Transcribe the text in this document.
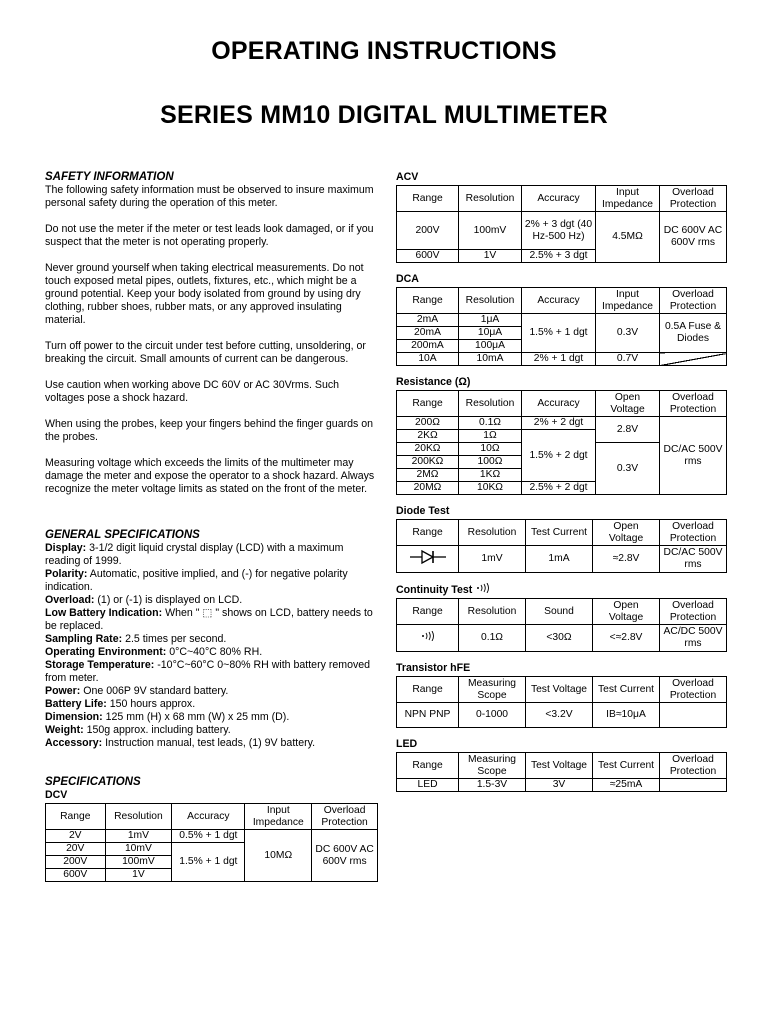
OPERATING INSTRUCTIONS
SERIES MM10 DIGITAL MULTIMETER

SAFETY INFORMATION

The following safety information must be observed to insure maximum personal safety during the operation of this meter.

Do not use the meter if the meter or test leads look damaged, or if you suspect that the meter is not operating properly.

Never ground yourself when taking electrical measurements. Do not touch exposed metal pipes, outlets, fixtures, etc., which might be a ground potential. Keep your body isolated from ground by using dry clothing, rubber shoes, rubber mats, or any approved insulating material.

Turn off power to the circuit under test before cutting, unsoldering, or breaking the circuit. Small amounts of current can be dangerous.

Use caution when working above DC 60V or AC 30Vrms. Such voltages pose a shock hazard.

When using the probes, keep your fingers behind the finger guards on the probes.

Measuring voltage which exceeds the limits of the multimeter may damage the meter and expose the operator to a shock hazard. Always recognize the meter voltage limits as stated on the front of the meter.

GENERAL SPECIFICATIONS

Display: 3-1/2 digit liquid crystal display (LCD) with a maximum reading of 1999.

Polarity: Automatic, positive implied, and (-) for negative polarity indication.

Overload: (1) or (-1) is displayed on LCD.

Low Battery Indication: When " ⬚ " shows on LCD, battery needs to be replaced.

Sampling Rate: 2.5 times per second.

Operating Environment: 0°C~40°C 80% RH.

Storage Temperature: -10°C~60°C 0~80% RH with battery removed from meter.

Power: One 006P 9V standard battery.

Battery Life: 150 hours approx.

Dimension: 125 mm (H) x 68 mm (W) x 25 mm (D).

Weight: 150g approx. including battery.

Accessory: Instruction manual, test leads, (1) 9V battery.

SPECIFICATIONS

DCV

Range	Resolution	Accuracy	Input Impedance	Overload Protection
2V	1mV	0.5% + 1 dgt	10MΩ	DC 600V AC 600V rms
20V	10mV	1.5% + 1 dgt		
200V	100mV			
600V	1V			

ACV

Range	Resolution	Accuracy	Input Impedance	Overload Protection
200V	100mV	2% + 3 dgt (40 Hz-500 Hz)	4.5MΩ	DC 600V AC 600V rms
600V	1V	2.5% + 3 dgt		

DCA

Range	Resolution	Accuracy	Input Impedance	Overload Protection
2mA	1μA	1.5% + 1 dgt	0.3V	0.5A Fuse & Diodes
20mA	10μA			
200mA	100μA			
10A	10mA	2% + 1 dgt	0.7V	

Resistance (Ω)

Range	Resolution	Accuracy	Open Voltage	Overload Protection
200Ω	0.1Ω	2% + 2 dgt	2.8V	DC/AC 500V rms
2KΩ	1Ω	1.5% + 2 dgt		
20KΩ	10Ω		0.3V	
200KΩ	100Ω			
2MΩ	1KΩ			
20MΩ	10KΩ	2.5% + 2 dgt		

Diode Test

Range	Resolution	Test Current	Open Voltage	Overload Protection
	1mV	1mA	≈2.8V	DC/AC 500V rms

Continuity Test

Range	Resolution	Sound	Open Voltage	Overload Protection
	0.1Ω	<30Ω	<≈2.8V	AC/DC 500V rms

Transistor hFE

Range	Measuring Scope	Test Voltage	Test Current	Overload Protection
NPN PNP	0-1000	<3.2V	IB≈10μA	

LED

Range	Measuring Scope	Test Voltage	Test Current	Overload Protection
LED	1.5-3V	3V	≈25mA	
